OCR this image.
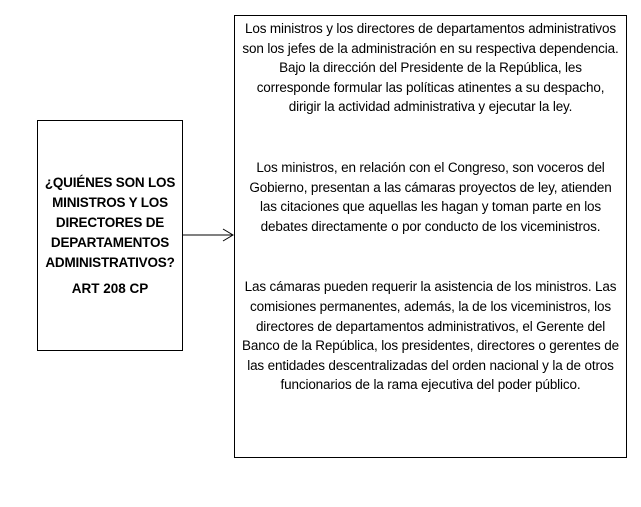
¿QUIÉNES SON LOS MINISTROS Y LOS DIRECTORES DE DEPARTAMENTOS ADMINISTRATIVOS?
ART 208 CP

Los ministros y los directores de departamentos administrativos son los jefes de la administración en su respectiva dependencia. Bajo la dirección del Presidente de la República, les corresponde formular las políticas atinentes a su despacho, dirigir la actividad administrativa y ejecutar la ley.

Los ministros, en relación con el Congreso, son voceros del Gobierno, presentan a las cámaras proyectos de ley, atienden las citaciones que aquellas les hagan y toman parte en los debates directamente o por conducto de los viceministros.

Las cámaras pueden requerir la asistencia de los ministros. Las comisiones permanentes, además, la de los viceministros, los directores de departamentos administrativos, el Gerente del Banco de la República, los presidentes, directores o gerentes de las entidades descentralizadas del orden nacional y la de otros funcionarios de la rama ejecutiva del poder público.
